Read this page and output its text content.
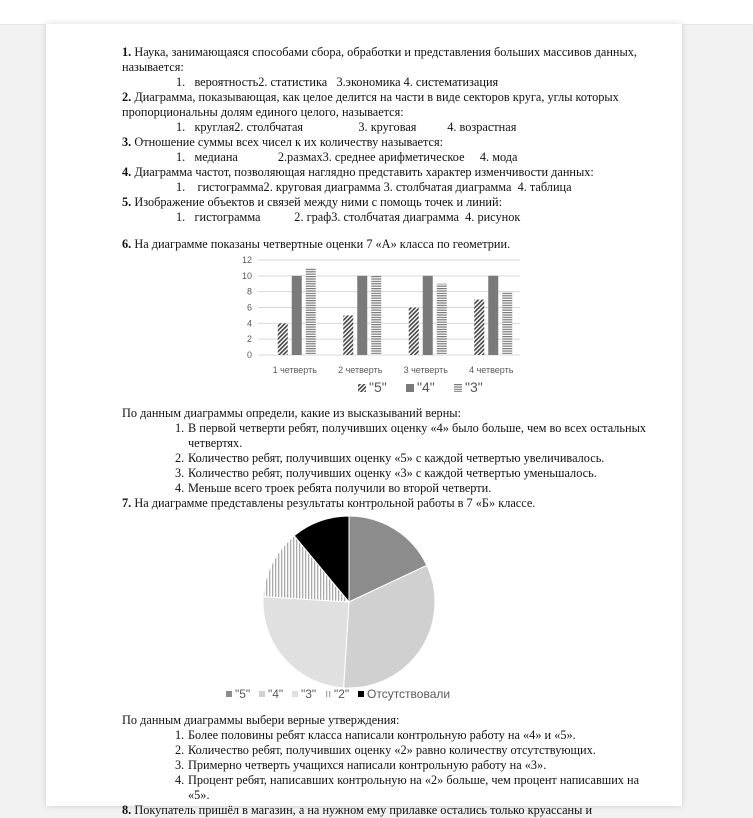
1. Наука, занимающаяся способами сбора, обработки и представления больших массивов данных, называется:

1.   вероятность2. статистика   3.экономика 4. систематизация

2. Диаграмма, показывающая, как целое делится на части в виде секторов круга, углы которых пропорциональны долям единого целого, называется:

1.   круглая2. столбчатая                  3. круговая          4. возрастная

3. Отношение суммы всех чисел к их количеству называется:

1.   медиана             2.размах3. среднее арифметическое     4. мода

4. Диаграмма частот, позволяющая наглядно представить характер изменчивости данных:

1.    гистограмма2. круговая диаграмма 3. столбчатая диаграмма  4. таблица

5. Изображение объектов и связей между ними с помощь точек и линий:

1.   гистограмма           2. граф3. столбчатая диаграмма  4. рисунок

6. На диаграмме показаны четвертные оценки 7 «А» класса по геометрии.

0
2
4
6
8
10
12
1 четверть 2 четверть 3 четверть 4 четверть
"5" "4" "3"

По данным диаграммы определи, какие из высказываний верны:

1. В первой четверти ребят, получивших оценку «4» было больше, чем во всех остальных четвертях.
2. Количество ребят, получивших оценку «5» с каждой четвертью увеличивалось.
3. Количество ребят, получивших оценку «3» с каждой четвертью уменьшалось.
4. Меньше всего троек ребята получили во второй четверти.

7. На диаграмме представлены результаты контрольной работы в 7 «Б» классе.

"5" "4" "3" "2" Отсутствовали

По данным диаграммы выбери верные утверждения:

1. Более половины ребят класса написали контрольную работу на «4» и «5».
2. Количество ребят, получивших оценку «2» равно количеству отсутствующих.
3. Примерно четверть учащихся написали контрольную работу на «3».
4. Процент ребят, написавших контрольную на «2» больше, чем процент написавших на «5».

8. Покупатель пришёл в магазин, а на нужном ему прилавке остались только круассаны и
